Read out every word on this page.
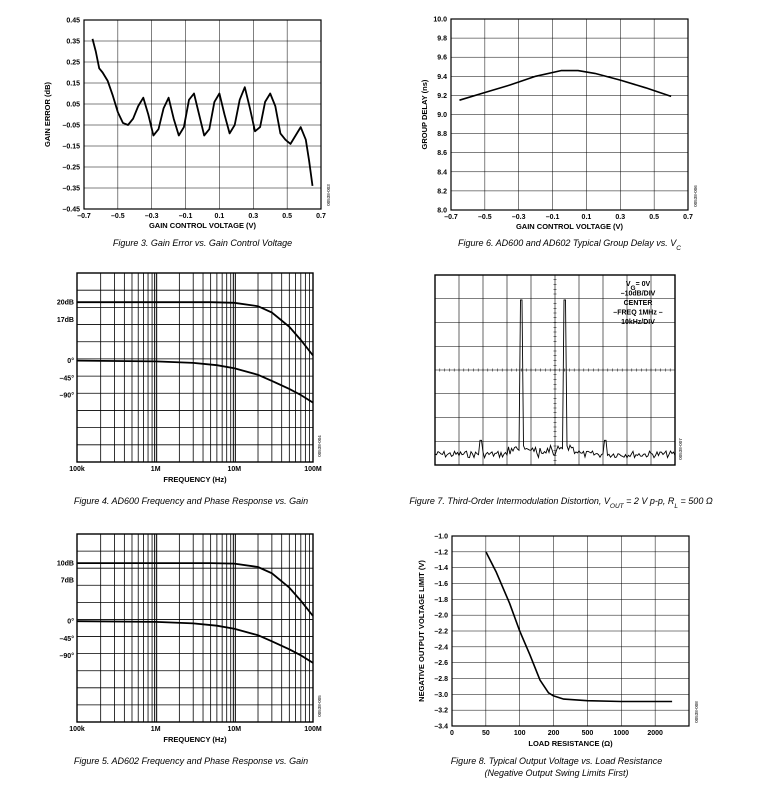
0.45
0.35
0.25
0.15
0.05
–0.05
–0.15
–0.25
–0.35
–0.45
–0.7	–0.5	–0.3	–0.1	0.1	0.3	0.5	0.7
GAIN CONTROL VOLTAGE (V)
GAIN ERROR (dB)
00538-003
Figure 3. Gain Error vs. Gain Control Voltage
10.0
9.8
9.6
9.4
9.2
9.0
8.8
8.6
8.4
8.2
8.0
–0.7	–0.5	–0.3	–0.1	0.1	0.3	0.5	0.7
GAIN CONTROL VOLTAGE (V)
GROUP DELAY (ns)
00538-006
Figure 6. AD600 and AD602 Typical Group Delay vs. $V_C$
20dB
17dB
0°
–45°
–90°
100k	1M	10M	100M
FREQUENCY (Hz)
00538-004
Figure 4. AD600 Frequency and Phase Response vs. Gain
$V_G= 0V$
–10dB/DIV
CENTER
–FREQ 1MHz –
10kHz/DIV
00538-007
Figure 7. Third-Order Intermodulation Distortion, $V_{OUT} = 2$ V p-p, $R_L = 500$ Ω
10dB
7dB
0°
–45°
–90°
100k	1M	10M	100M
FREQUENCY (Hz)
00538-005
Figure 5. AD602 Frequency and Phase Response vs. Gain
–1.0
–1.2
–1.4
–1.6
–1.8
–2.0
–2.2
–2.4
–2.6
–2.8
–3.0
–3.2
–3.4
0	50	100	200	500	1000	2000
LOAD RESISTANCE (Ω)
NEGATIVE OUTPUT VOLTAGE LIMIT (V)
00538-008
Figure 8. Typical Output Voltage vs. Load Resistance
(Negative Output Swing Limits First)
